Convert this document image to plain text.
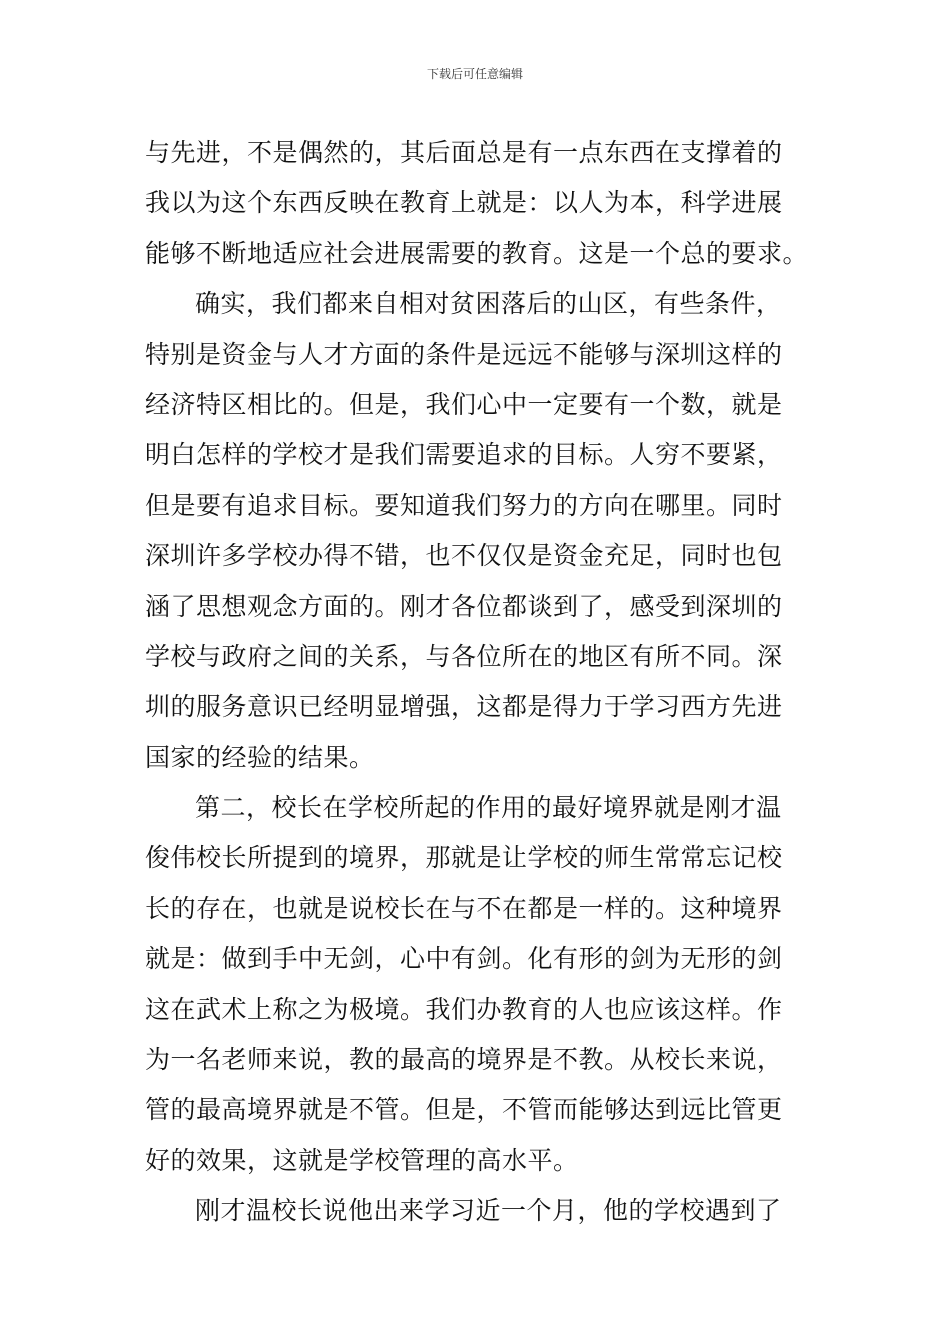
下载后可任意编辑
与先进，不是偶然的，其后面总是有一点东西在支撑着的
我以为这个东西反映在教育上就是：以人为本，科学进展
能够不断地适应社会进展需要的教育。这是一个总的要求。
确实，我们都来自相对贫困落后的山区，有些条件，
特别是资金与人才方面的条件是远远不能够与深圳这样的
经济特区相比的。但是，我们心中一定要有一个数，就是
明白怎样的学校才是我们需要追求的目标。人穷不要紧，
但是要有追求目标。要知道我们努力的方向在哪里。同时
深圳许多学校办得不错，也不仅仅是资金充足，同时也包
涵了思想观念方面的。刚才各位都谈到了，感受到深圳的
学校与政府之间的关系，与各位所在的地区有所不同。深
圳的服务意识已经明显增强，这都是得力于学习西方先进
国家的经验的结果。
第二，校长在学校所起的作用的最好境界就是刚才温
俊伟校长所提到的境界，那就是让学校的师生常常忘记校
长的存在，也就是说校长在与不在都是一样的。这种境界
就是：做到手中无剑，心中有剑。化有形的剑为无形的剑
这在武术上称之为极境。我们办教育的人也应该这样。作
为一名老师来说，教的最高的境界是不教。从校长来说，
管的最高境界就是不管。但是，不管而能够达到远比管更
好的效果，这就是学校管理的高水平。
刚才温校长说他出来学习近一个月，他的学校遇到了
